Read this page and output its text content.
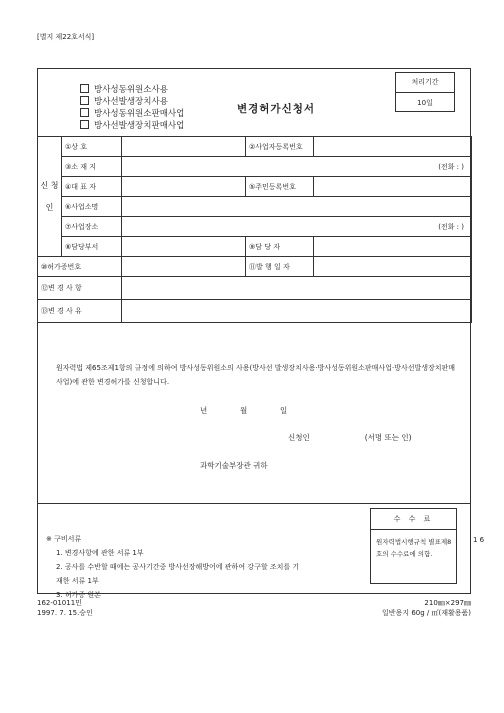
[별지 제22호서식]
방사성동위원소사용
방사선발생장치사용
방사성동위원소판매사업
방사선발생장치판매사업
변경허가신청서
처리기간
10일
신 청 인	①상 호		②사업자등록번호	
	③소 재 지	(전화 : )		

	④대 표 자		⑤주민등록번호	
	⑥사업소명			
	⑦사업장소	(전화 : )		

	⑧담당부서		⑨담 당 자	
⑩허가증번호			⑪발 행 일 자	
⑫변 경 사 항				
⑬변 경 사 유				
원자력법 제65조제1항의 규정에 의하여 방사성동위원소의 사용(방사선 발생장치사용·방사성동위원소판매사업·방사선발생장치판매사업)에 관한 변경허가를 신청합니다.
년	월	일
신청인	(서명 또는 인)
과학기술부장관 귀하
※ 구비서류
1. 변경사항에 관한 서류 1부
2. 공사를 수반할 때에는 공사기간중 방사선장해방어에 관하여 강구할 조치를 기
재한 서류 1부
3. 허가증 원본
수 수 료
원자력법시행규칙 별표제8호의 수수료에 의함.
1 6
162-01011민
1997. 7. 15.승인
210㎜×297㎜
일반용지 60g / ㎡(재활용품)
